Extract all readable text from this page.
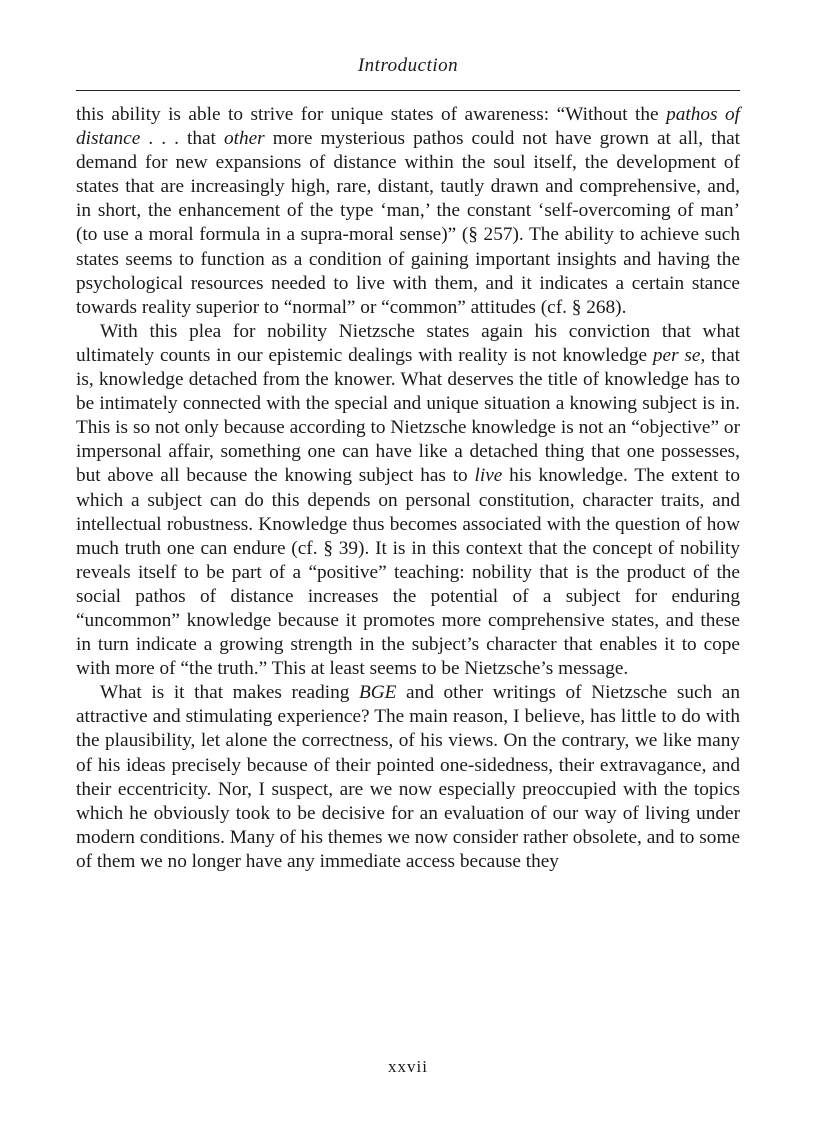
Introduction

this ability is able to strive for unique states of awareness: “Without the pathos of distance . . . that other more mysterious pathos could not have grown at all, that demand for new expansions of distance within the soul itself, the development of states that are increasingly high, rare, distant, tautly drawn and comprehensive, and, in short, the enhancement of the type ‘man,’ the constant ‘self-overcoming of man’ (to use a moral formula in a supra-moral sense)” (§ 257). The ability to achieve such states seems to function as a condition of gaining important insights and having the psychological resources needed to live with them, and it indicates a certain stance towards reality superior to “normal” or “common” attitudes (cf. § 268).

With this plea for nobility Nietzsche states again his conviction that what ultimately counts in our epistemic dealings with reality is not knowledge per se, that is, knowledge detached from the knower. What deserves the title of knowledge has to be intimately connected with the special and unique situation a knowing subject is in. This is so not only because according to Nietzsche knowledge is not an “objective” or impersonal affair, something one can have like a detached thing that one possesses, but above all because the knowing subject has to live his knowledge. The extent to which a subject can do this depends on personal constitution, character traits, and intellectual robustness. Knowledge thus becomes associated with the question of how much truth one can endure (cf. § 39). It is in this context that the concept of nobility reveals itself to be part of a “positive” teaching: nobility that is the product of the social pathos of distance increases the potential of a subject for enduring “uncommon” knowledge because it promotes more comprehensive states, and these in turn indicate a growing strength in the subject’s character that enables it to cope with more of “the truth.” This at least seems to be Nietzsche’s message.

What is it that makes reading BGE and other writings of Nietzsche such an attractive and stimulating experience? The main reason, I believe, has little to do with the plausibility, let alone the correctness, of his views. On the contrary, we like many of his ideas precisely because of their pointed one-sidedness, their extravagance, and their eccentricity. Nor, I suspect, are we now especially preoccupied with the topics which he obviously took to be decisive for an evaluation of our way of living under modern conditions. Many of his themes we now consider rather obsolete, and to some of them we no longer have any immediate access because they

xxvii
